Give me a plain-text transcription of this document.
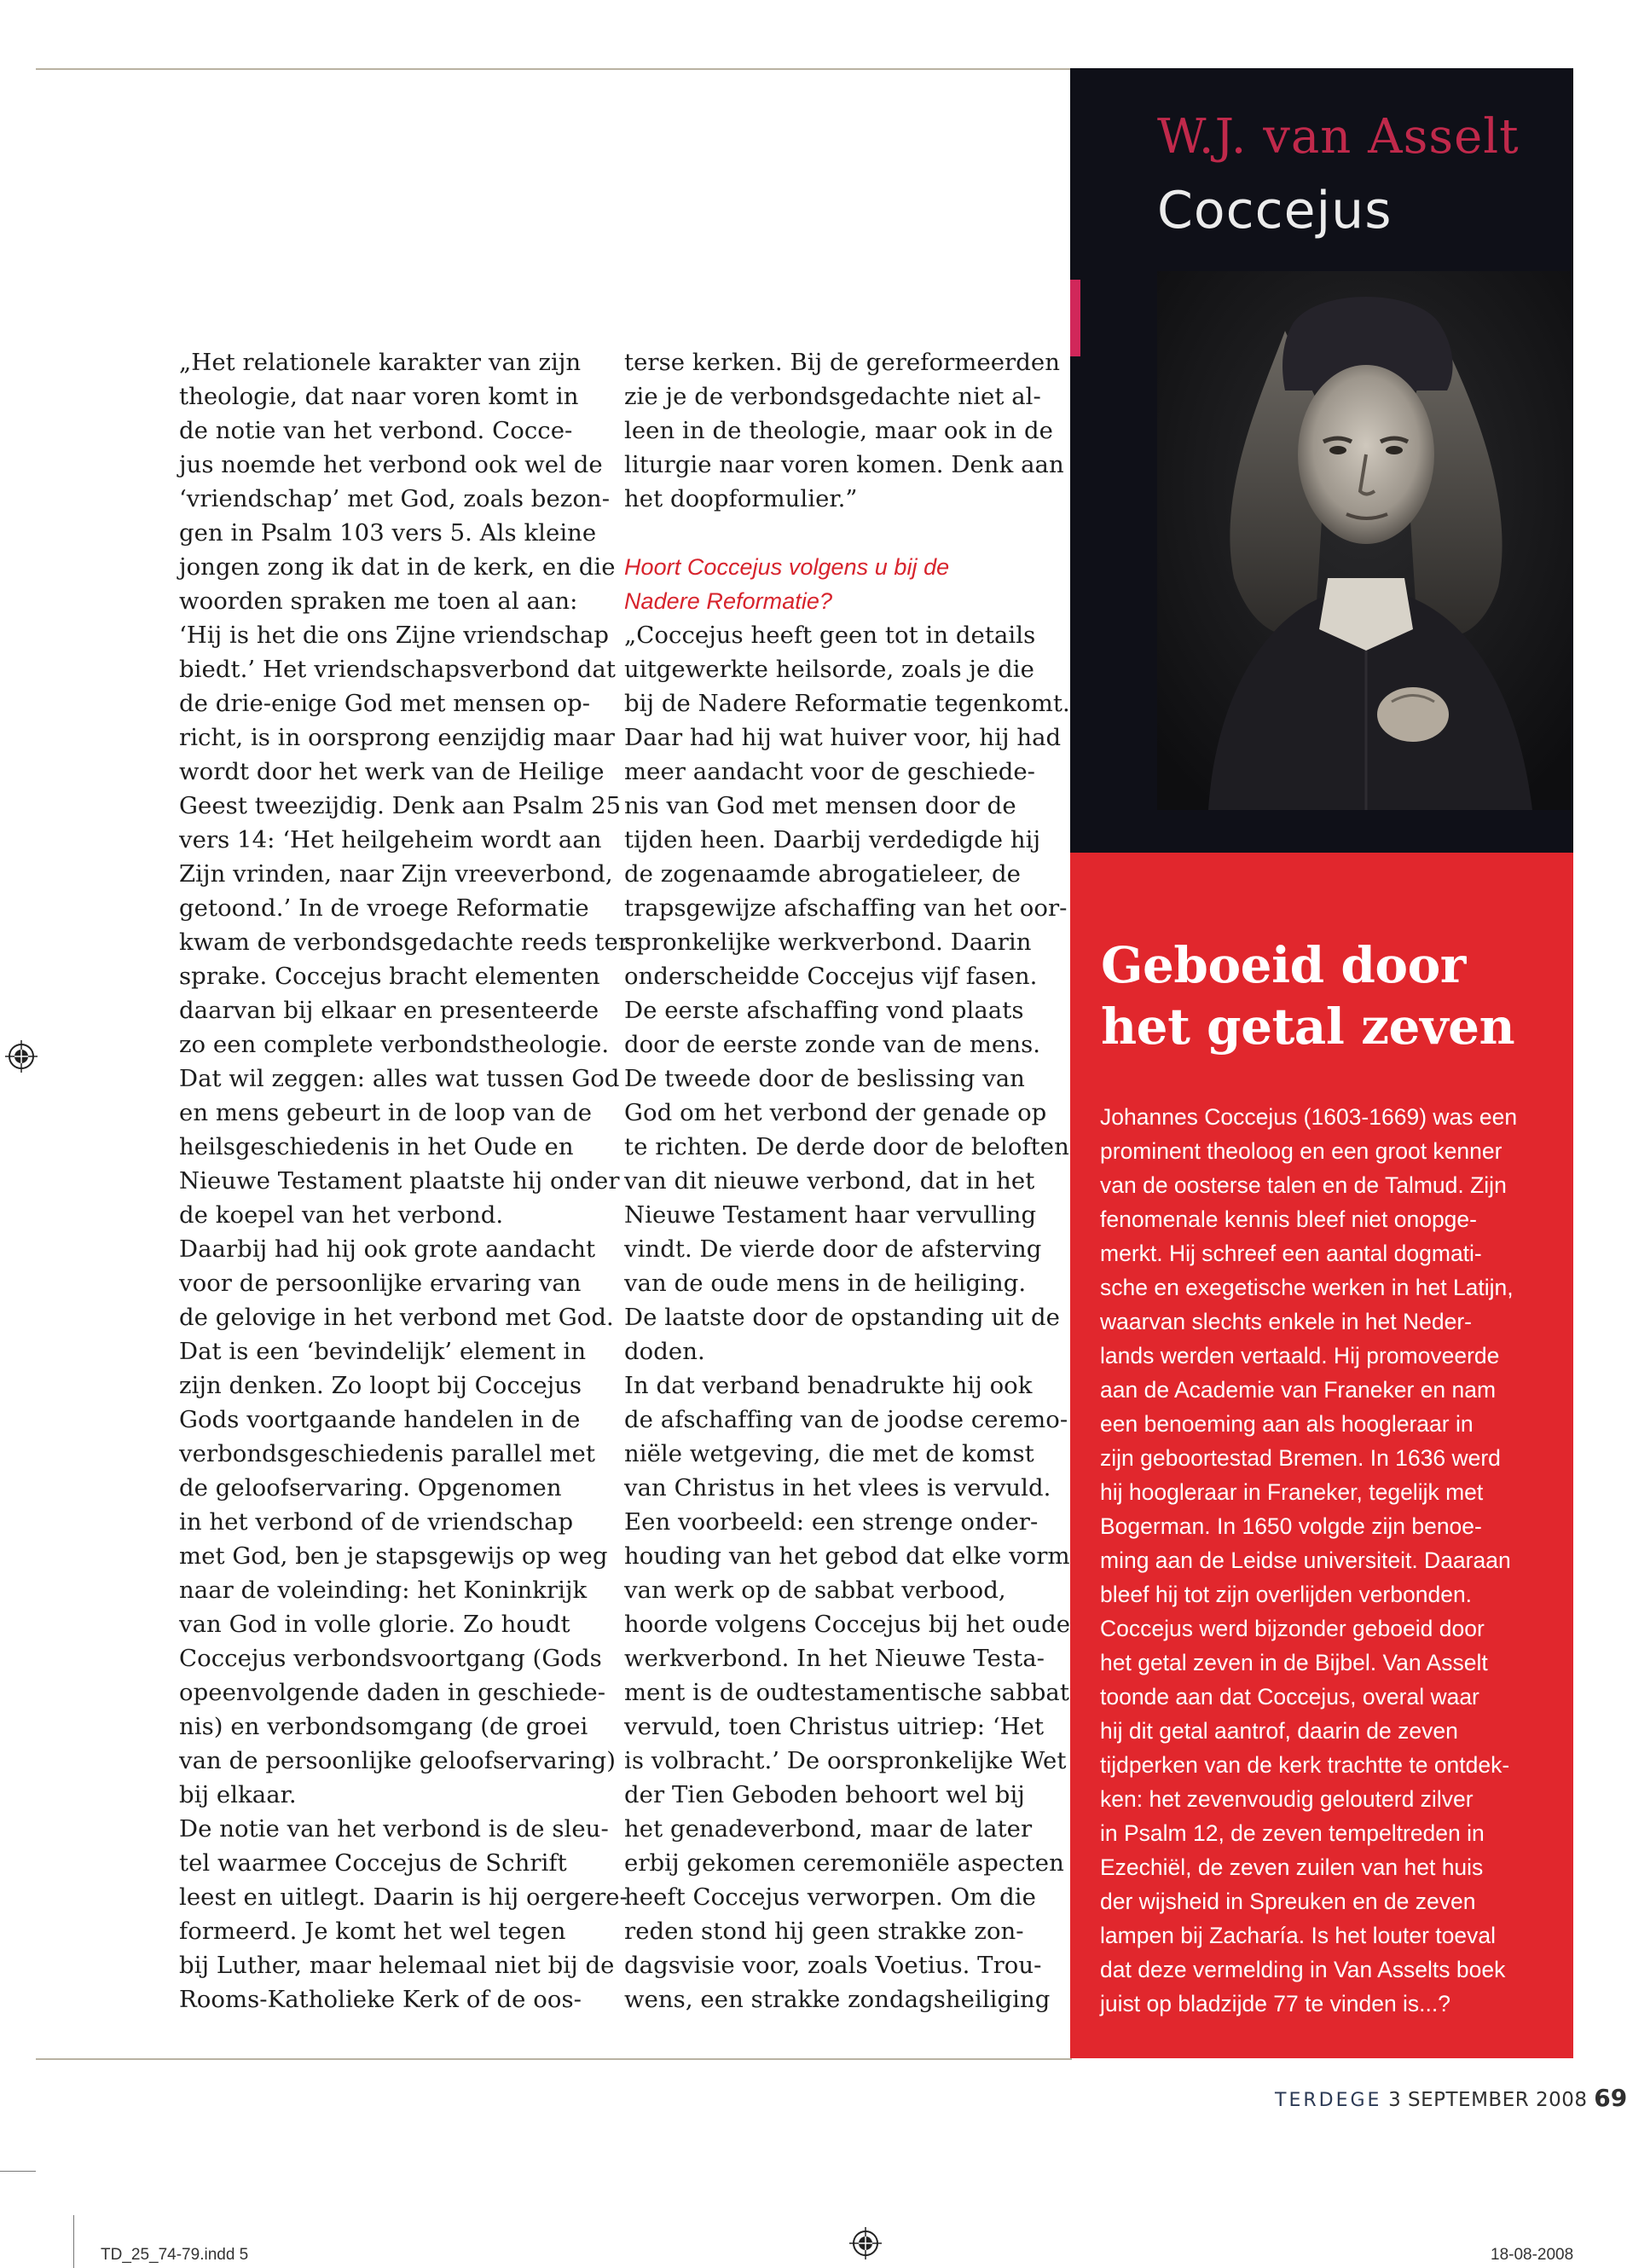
„Het relationele karakter van zijn
theologie, dat naar voren komt in
de notie van het verbond. Cocce-
jus noemde het verbond ook wel de
‘vriendschap’ met God, zoals bezon-
gen in Psalm 103 vers 5. Als kleine
jongen zong ik dat in de kerk, en die
woorden spraken me toen al aan:
‘Hij is het die ons Zijne vriendschap
biedt.’ Het vriendschapsverbond dat
de drie-enige God met mensen op-
richt, is in oorsprong eenzijdig maar
wordt door het werk van de Heilige
Geest tweezijdig. Denk aan Psalm 25
vers 14: ‘Het heilgeheim wordt aan
Zijn vrinden, naar Zijn vreeverbond,
getoond.’ In de vroege Reformatie
kwam de verbondsgedachte reeds ter
sprake. Coccejus bracht elementen
daarvan bij elkaar en presenteerde
zo een complete verbondstheologie.
Dat wil zeggen: alles wat tussen God
en mens gebeurt in de loop van de
heilsgeschiedenis in het Oude en
Nieuwe Testament plaatste hij onder
de koepel van het verbond.
Daarbij had hij ook grote aandacht
voor de persoonlijke ervaring van
de gelovige in het verbond met God.
Dat is een ‘bevindelijk’ element in
zijn denken. Zo loopt bij Coccejus
Gods voortgaande handelen in de
verbondsgeschiedenis parallel met
de geloofservaring. Opgenomen
in het verbond of de vriendschap
met God, ben je stapsgewijs op weg
naar de voleinding: het Koninkrijk
van God in volle glorie. Zo houdt
Coccejus verbondsvoortgang (Gods
opeenvolgende daden in geschiede-
nis) en verbondsomgang (de groei
van de persoonlijke geloofservaring)
bij elkaar.
De notie van het verbond is de sleu-
tel waarmee Coccejus de Schrift
leest en uitlegt. Daarin is hij oergere-
formeerd. Je komt het wel tegen
bij Luther, maar helemaal niet bij de
Rooms-Katholieke Kerk of de oos-
terse kerken. Bij de gereformeerden
zie je de verbondsgedachte niet al-
leen in de theologie, maar ook in de
liturgie naar voren komen. Denk aan
het doopformulier.”
Hoort Coccejus volgens u bij de
Nadere Reformatie?
„Coccejus heeft geen tot in details
uitgewerkte heilsorde, zoals je die
bij de Nadere Reformatie tegenkomt.
Daar had hij wat huiver voor, hij had
meer aandacht voor de geschiede-
nis van God met mensen door de
tijden heen. Daarbij verdedigde hij
de zogenaamde abrogatieleer, de
trapsgewijze afschaffing van het oor-
spronkelijke werkverbond. Daarin
onderscheidde Coccejus vijf fasen.
De eerste afschaffing vond plaats
door de eerste zonde van de mens.
De tweede door de beslissing van
God om het verbond der genade op
te richten. De derde door de beloften
van dit nieuwe verbond, dat in het
Nieuwe Testament haar vervulling
vindt. De vierde door de afsterving
van de oude mens in de heiliging.
De laatste door de opstanding uit de
doden.
In dat verband benadrukte hij ook
de afschaffing van de joodse ceremo-
niële wetgeving, die met de komst
van Christus in het vlees is vervuld.
Een voorbeeld: een strenge onder-
houding van het gebod dat elke vorm
van werk op de sabbat verbood,
hoorde volgens Coccejus bij het oude
werkverbond. In het Nieuwe Testa-
ment is de oudtestamentische sabbat
vervuld, toen Christus uitriep: ‘Het
is volbracht.’ De oorspronkelijke Wet
der Tien Geboden behoort wel bij
het genadeverbond, maar de later
erbij gekomen ceremoniële aspecten
heeft Coccejus verworpen. Om die
reden stond hij geen strakke zon-
dagsvisie voor, zoals Voetius. Trou-
wens, een strakke zondagsheiliging
W.J. van Asselt
Coccejus
Geboeid door
het getal zeven
Johannes Coccejus (1603-1669) was een
prominent theoloog en een groot kenner
van de oosterse talen en de Talmud. Zijn
fenomenale kennis bleef niet onopge-
merkt. Hij schreef een aantal dogmati-
sche en exegetische werken in het Latijn,
waarvan slechts enkele in het Neder-
lands werden vertaald. Hij promoveerde
aan de Academie van Franeker en nam
een benoeming aan als hoogleraar in
zijn geboortestad Bremen. In 1636 werd
hij hoogleraar in Franeker, tegelijk met
Bogerman. In 1650 volgde zijn benoe-
ming aan de Leidse universiteit. Daaraan
bleef hij tot zijn overlijden verbonden.
Coccejus werd bijzonder geboeid door
het getal zeven in de Bijbel. Van Asselt
toonde aan dat Coccejus, overal waar
hij dit getal aantrof, daarin de zeven
tijdperken van de kerk trachtte te ontdek-
ken: het zevenvoudig gelouterd zilver
in Psalm 12, de zeven tempeltreden in
Ezechiël, de zeven zuilen van het huis
der wijsheid in Spreuken en de zeven
lampen bij Zacharía. Is het louter toeval
dat deze vermelding in Van Asselts boek
juist op bladzijde 77 te vinden is...?
TERDEGE 3 SEPTEMBER 2008 69
TD_25_74-79.indd 5	18-08-2008
